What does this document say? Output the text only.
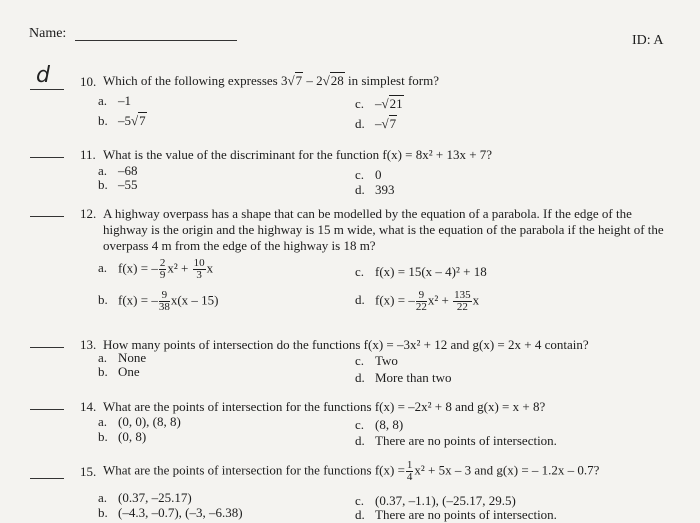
Name:	ID: A
d 10. Which of the following expresses 3√7 – 2√28 in simplest form?
a. –1
b. –5√7
c. –√21
d. –√7
11. What is the value of the discriminant for the function f(x) = 8x² + 13x + 7?
a. –68
b. –55
c. 0
d. 393
12. A highway overpass has a shape that can be modelled by the equation of a parabola. If the edge of the
highway is the origin and the highway is 15 m wide, what is the equation of the parabola if the height of the
overpass 4 m from the edge of the highway is 18 m?
a. f(x) = – $\frac{2}{9} x^2 + \frac{10}{3}$ x
b. f(x) = – $\frac{9}{38} x(x - 15)$
c. f(x) = 15(x – 4)² + 18
d. f(x) = – $\frac{9}{22} x^2 + \frac{135}{22}$ x
13. How many points of intersection do the functions f(x) = –3x² + 12 and g(x) = 2x + 4 contain?
a. None
b. One
c. Two
d. More than two
14. What are the points of intersection for the functions f(x) = –2x² + 8 and g(x) = x + 8?
a. (0, 0), (8, 8)
b. (0, 8)
c. (8, 8)
d. There are no points of intersection.
15. What are the points of intersection for the functions $f(x) = \frac{1}{4} x^2 + 5x - 3$ and g(x) = – 1.2x – 0.7?
a. (0.37, –25.17)
b. (–4.3, –0.7), (–3, –6.38)
c. (0.37, –1.1), (–25.17, 29.5)
d. There are no points of intersection.
